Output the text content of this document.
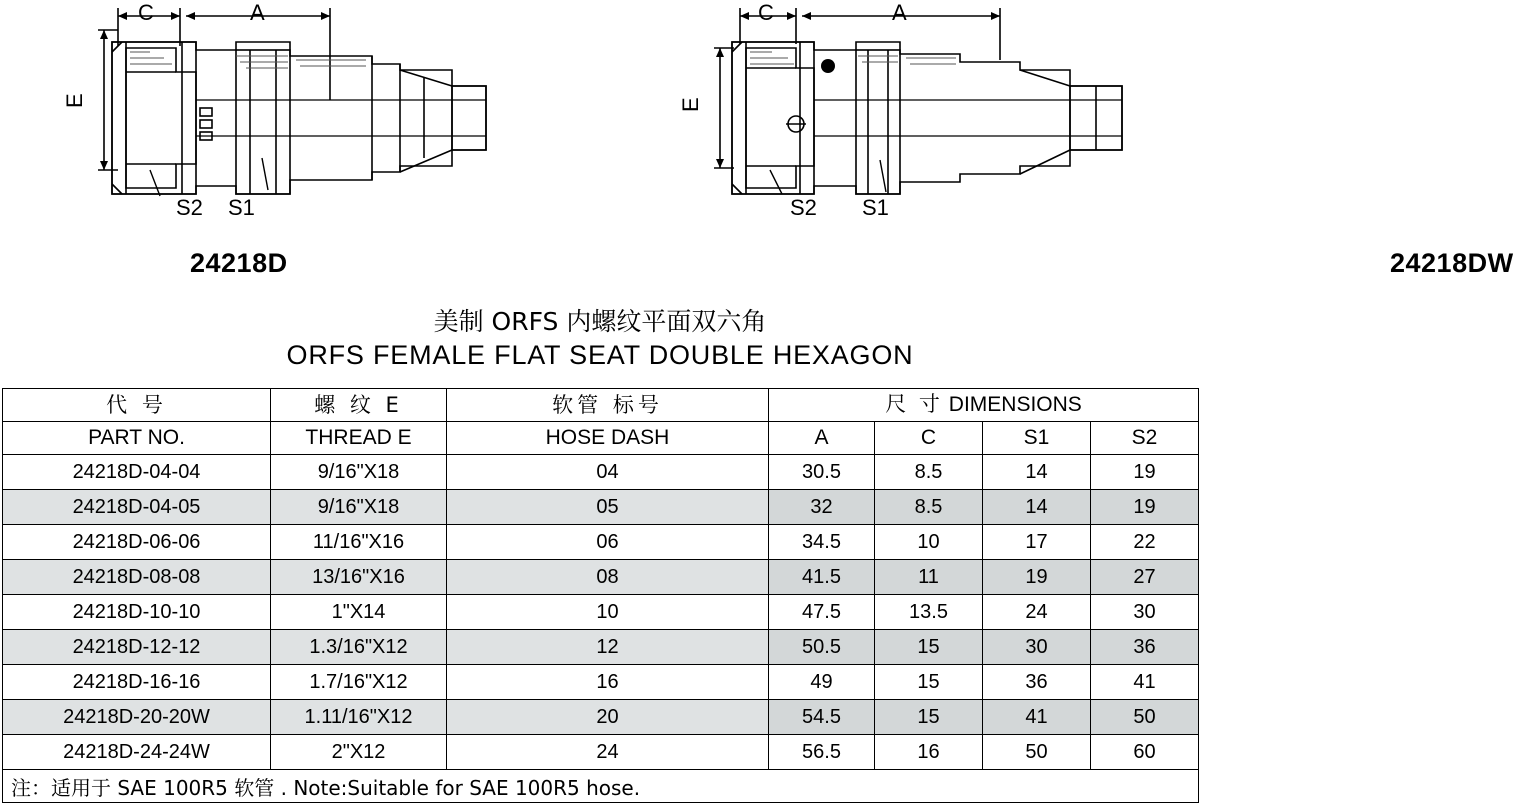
C	A
E
S2 S1
24218D
C	A
E
S2 S1
24218DW
美制 ORFS 内螺纹平面双六角
ORFS FEMALE FLAT SEAT DOUBLE HEXAGON
代 号	螺 纹 E	软管 标号	尺 寸 DIMENSIONS			
PART NO.	THREAD E	HOSE DASH	A	C	S1	S2
24218D-04-04	9/16"X18	04	30.5	8.5	14	19
24218D-04-05	9/16"X18	05	32	8.5	14	19
24218D-06-06	11/16"X16	06	34.5	10	17	22
24218D-08-08	13/16"X16	08	41.5	11	19	27
24218D-10-10	1"X14	10	47.5	13.5	24	30
24218D-12-12	1.3/16"X12	12	50.5	15	30	36
24218D-16-16	1.7/16"X12	16	49	15	36	41
24218D-20-20W	1.11/16"X12	20	54.5	15	41	50
24218D-24-24W	2"X12	24	56.5	16	50	60
注：适用于 SAE 100R5 软管 . Note:Suitable for SAE 100R5 hose.						
